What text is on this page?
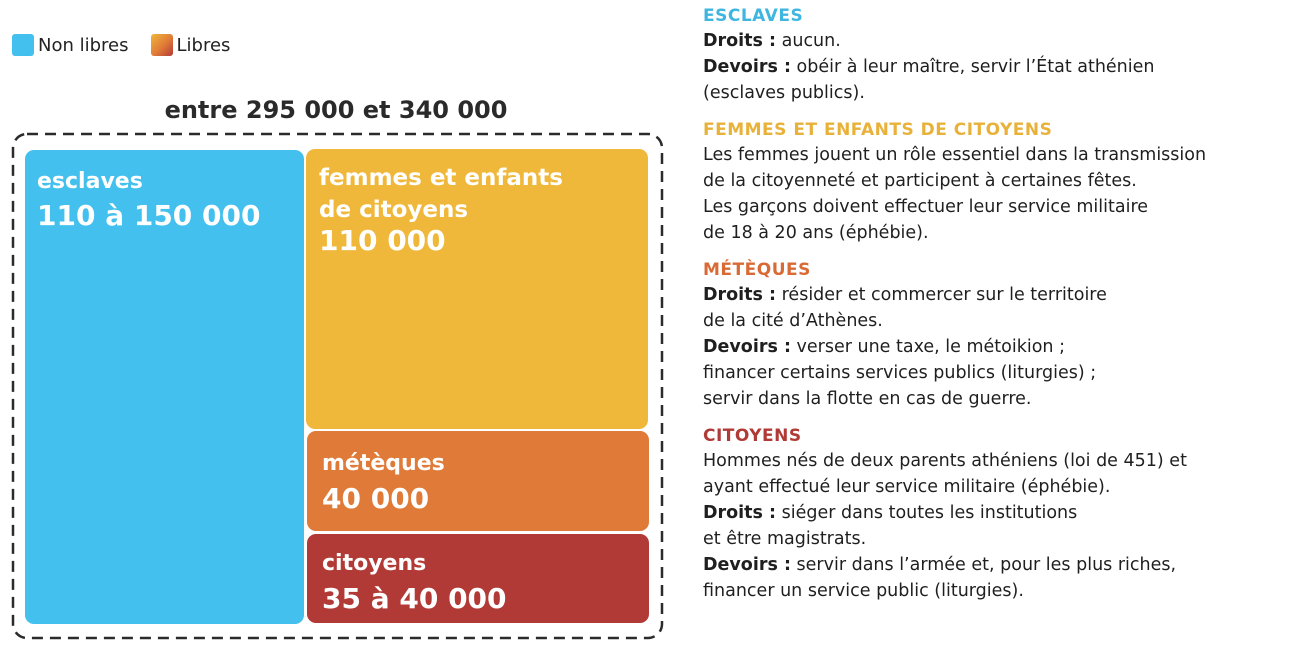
Non libres	Libres
entre 295 000 et 340 000
esclaves
110 à 150 000
femmes et enfants
de citoyens
110 000
métèques
40 000
citoyens
35 à 40 000
ESCLAVES

Droits : aucun.

Devoirs : obéir à leur maître, servir l’État athénien

(esclaves publics).

FEMMES ET ENFANTS DE CITOYENS

Les femmes jouent un rôle essentiel dans la transmission

de la citoyenneté et participent à certaines fêtes.

Les garçons doivent effectuer leur service militaire

de 18 à 20 ans (éphébie).

MÉTÈQUES

Droits : résider et commercer sur le territoire

de la cité d’Athènes.

Devoirs : verser une taxe, le métoikion ;

financer certains services publics (liturgies) ;

servir dans la flotte en cas de guerre.

CITOYENS

Hommes nés de deux parents athéniens (loi de 451) et

ayant effectué leur service militaire (éphébie).

Droits : siéger dans toutes les institutions

et être magistrats.

Devoirs : servir dans l’armée et, pour les plus riches,

financer un service public (liturgies).
